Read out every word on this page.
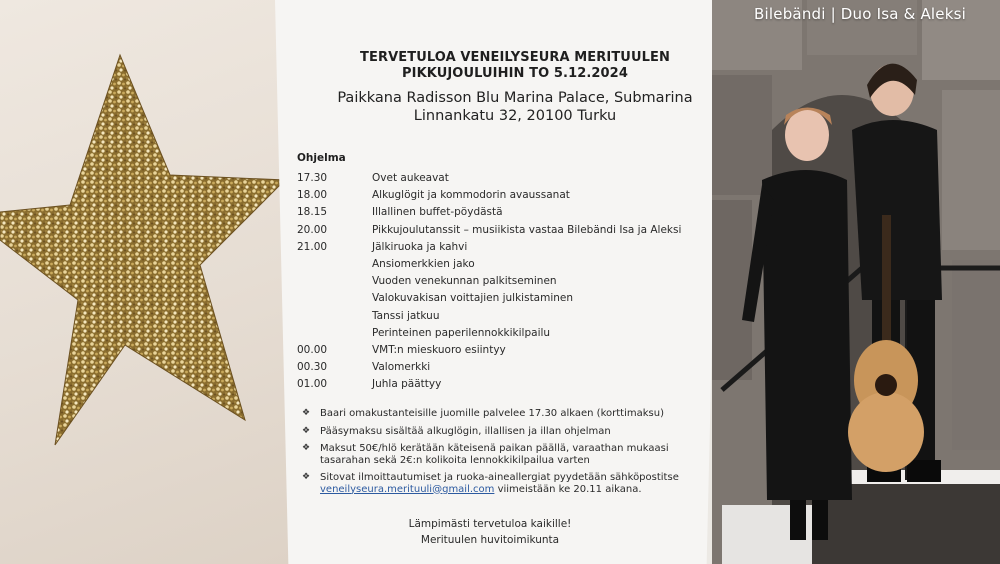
TERVETULOA VENEILYSEURA MERITUULEN
PIKKUJOULUIHIN TO 5.12.2024
Paikkana Radisson Blu Marina Palace, Submarina
Linnankatu 32, 20100 Turku
Ohjelma
17.30	Ovet aukeavat
18.00	Alkuglögit ja kommodorin avaussanat
18.15	Illallinen buffet-pöydästä
20.00	Pikkujoulutanssit – musiikista vastaa Bilebändi Isa ja Aleksi
21.00	Jälkiruoka ja kahvi
Ansiomerkkien jako
Vuoden venekunnan palkitseminen
Valokuvakisan voittajien julkistaminen
Tanssi jatkuu
Perinteinen paperilennokkikilpailu
00.00	VMT:n mieskuoro esiintyy
00.30	Valomerkki
01.00	Juhla päättyy
❖ Baari omakustanteisille juomille palvelee 17.30 alkaen (korttimaksu)
❖ Pääsymaksu sisältää alkuglögin, illallisen ja illan ohjelman
❖ Maksut 50€/hlö kerätään käteisenä paikan päällä, varaathan mukaasi
tasarahan sekä 2€:n kolikoita lennokkikilpailua varten
❖ Sitovat ilmoittautumiset ja ruoka-aineallergiat pyydetään sähköpostitse
veneilyseura.merituuli@gmail.com viimeistään ke 20.11 aikana.
Lämpimästi tervetuloa kaikille!
Merituulen huvitoimikunta
Bilebändi | Duo Isa & Aleksi
